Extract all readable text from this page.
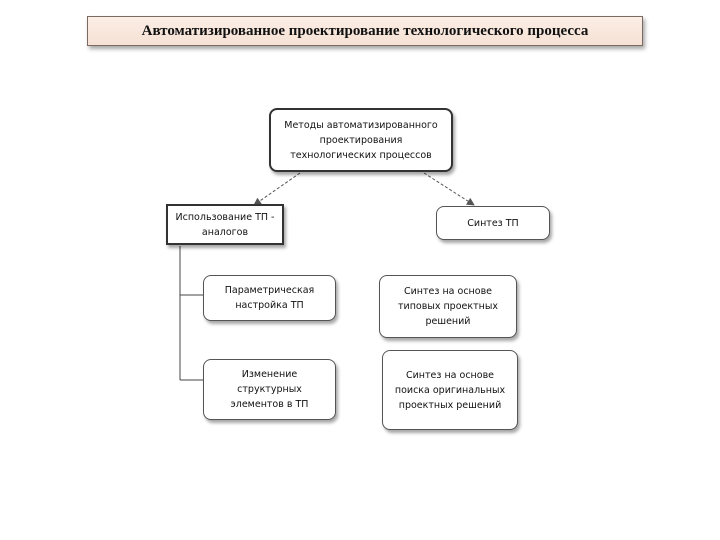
Автоматизированное проектирование технологического процесса
Методы автоматизированного проектирования технологических процессов
Использование ТП - аналогов
Синтез ТП
Параметрическая настройка ТП
Изменение структурных элементов в ТП
Синтез на основе типовых проектных решений
Синтез на основе поиска оригинальных проектных решений
